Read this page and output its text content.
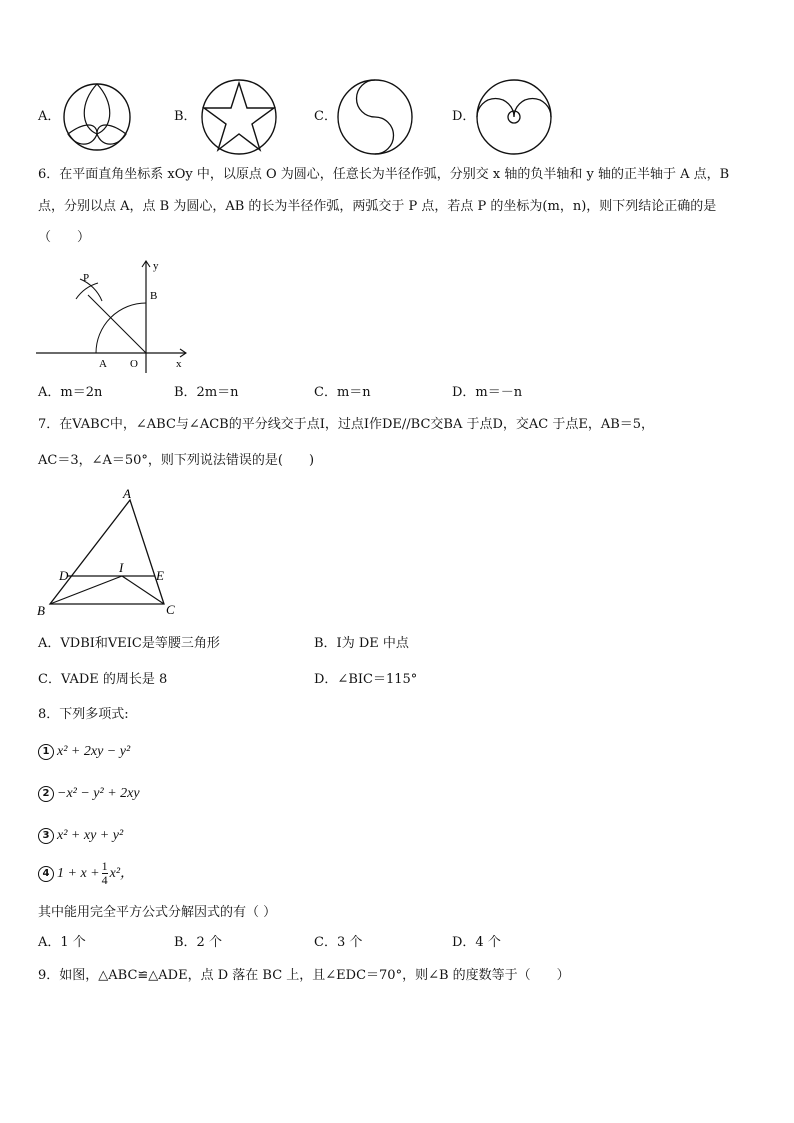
A．	B．	C．	D．
6．在平面直角坐标系 xOy 中，以原点 O 为圆心，任意长为半径作弧，分别交 x 轴的负半轴和 y 轴的正半轴于 A 点，B
点，分别以点 A，点 B 为圆心，AB 的长为半径作弧，两弧交于 P 点，若点 P 的坐标为(m，n)，则下列结论正确的是
（　　）
P
y
B
A O	x
A．m＝2n	B．2m＝n	C．m＝n	D．m＝－n
7．在VABC中，∠ABC与∠ACB的平分线交于点I，过点I作DE//BC交BA 于点D，交AC 于点E，AB＝5，
AC＝3，∠A＝50°，则下列说法错误的是(　　)
A
D
I
E
B	C
A．VDBI和VEIC是等腰三角形	B．I为 DE 中点
C．VADE 的周长是 8	D．∠BIC＝115°
8．下列多项式:
1 x² + 2xy − y²
2 −x² − y² + 2xy
3 x² + xy + y²
4 $1 + x + \frac{1}{4} x^2$，
其中能用完全平方公式分解因式的有（ ）
A．1 个	B．2 个	C．3 个	D．4 个
9．如图，△ABC≌△ADE，点 D 落在 BC 上，且∠EDC＝70°，则∠B 的度数等于（　　）
